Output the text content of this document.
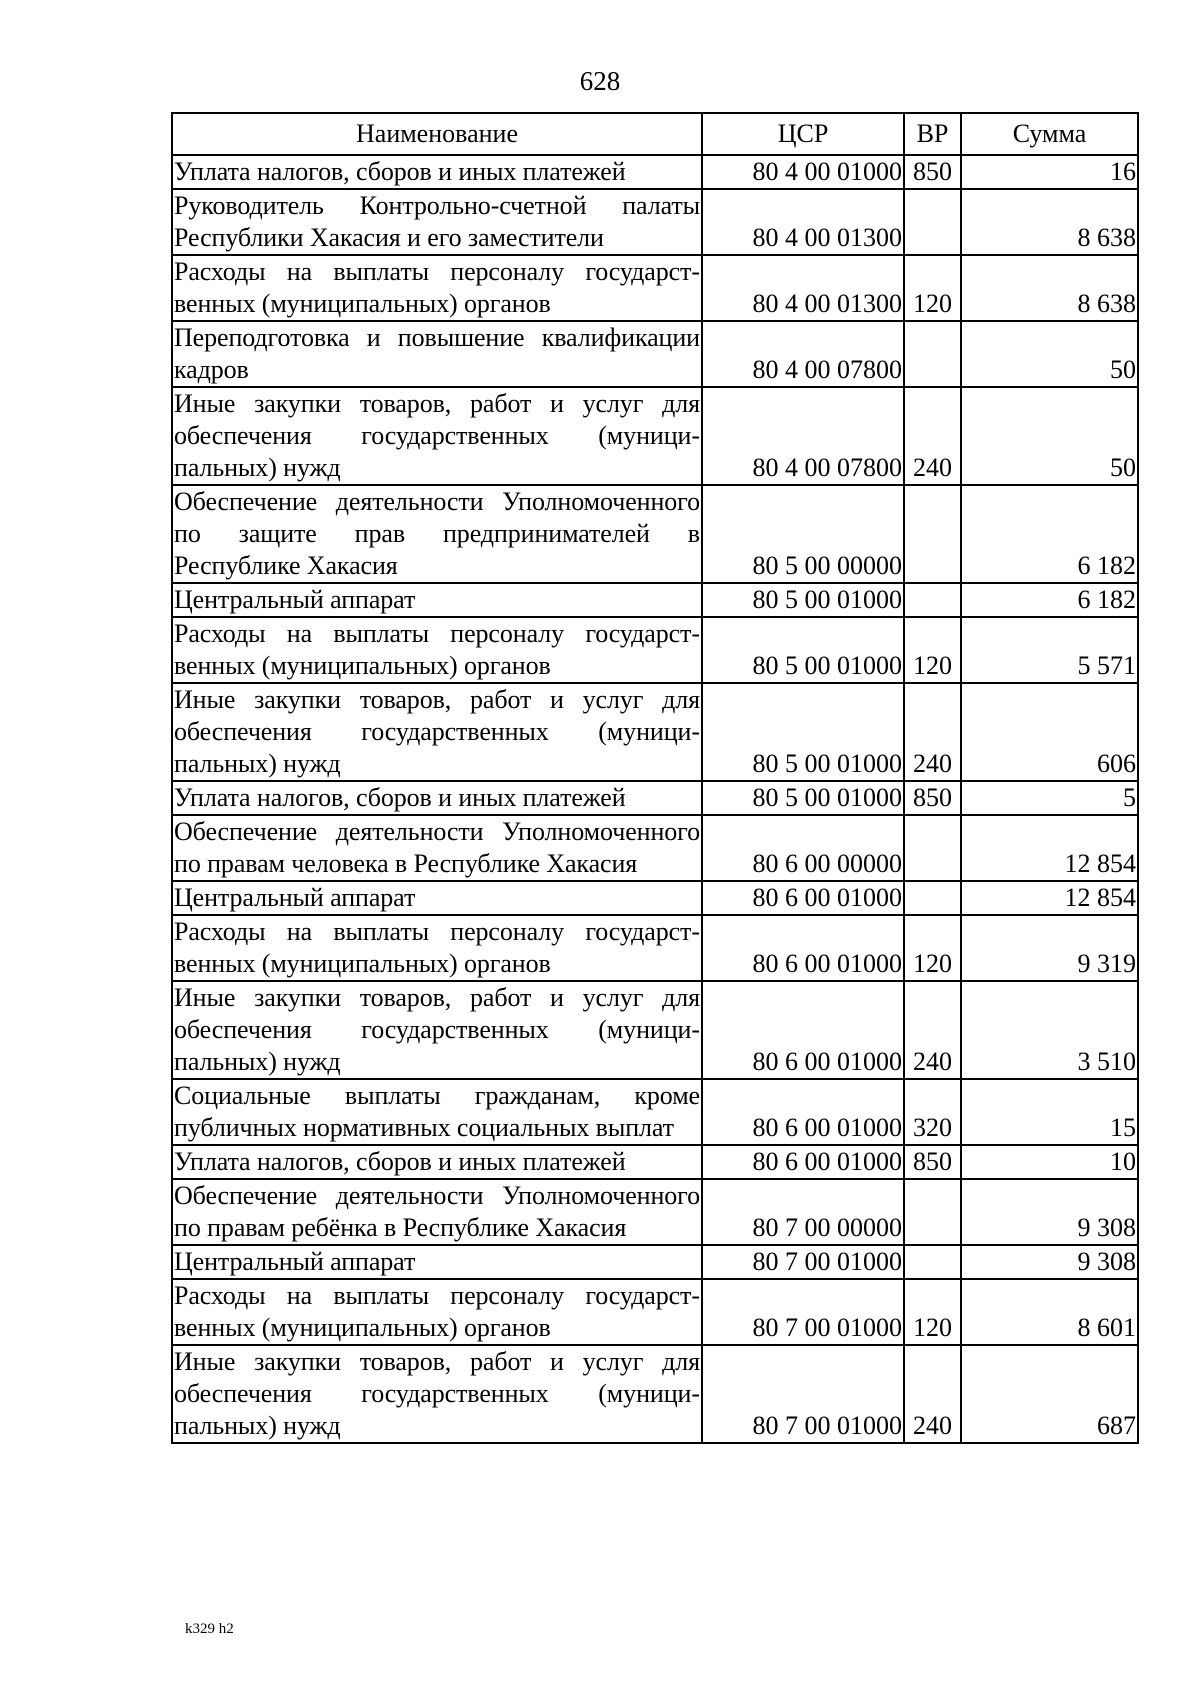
628
Наименование	ЦСР	ВР	Сумма
Уплата налогов, сборов и иных платежей	80 4 00 01000	850	16
Руководитель Контрольно-счетной палаты Республики Хакасия и его заместители	80 4 00 01300		8 638
Расходы на выплаты персоналу государственных (муниципальных) органов	80 4 00 01300	120	8 638
Переподготовка и повышение квалификации кадров	80 4 00 07800		50
Иные закупки товаров, работ и услуг для обеспечения государственных (муниципальных) нужд	80 4 00 07800	240	50
Обеспечение деятельности Уполномоченного по защите прав предпринимателей в Республике Хакасия	80 5 00 00000		6 182
Центральный аппарат	80 5 00 01000		6 182
Расходы на выплаты персоналу государственных (муниципальных) органов	80 5 00 01000	120	5 571
Иные закупки товаров, работ и услуг для обеспечения государственных (муниципальных) нужд	80 5 00 01000	240	606
Уплата налогов, сборов и иных платежей	80 5 00 01000	850	5
Обеспечение деятельности Уполномоченного по правам человека в Республике Хакасия	80 6 00 00000		12 854
Центральный аппарат	80 6 00 01000		12 854
Расходы на выплаты персоналу государственных (муниципальных) органов	80 6 00 01000	120	9 319
Иные закупки товаров, работ и услуг для обеспечения государственных (муниципальных) нужд	80 6 00 01000	240	3 510
Социальные выплаты гражданам, кроме публичных нормативных социальных выплат	80 6 00 01000	320	15
Уплата налогов, сборов и иных платежей	80 6 00 01000	850	10
Обеспечение деятельности Уполномоченного по правам ребёнка в Республике Хакасия	80 7 00 00000		9 308
Центральный аппарат	80 7 00 01000		9 308
Расходы на выплаты персоналу государственных (муниципальных) органов	80 7 00 01000	120	8 601
Иные закупки товаров, работ и услуг для обеспечения государственных (муниципальных) нужд	80 7 00 01000	240	687
k329 h2
